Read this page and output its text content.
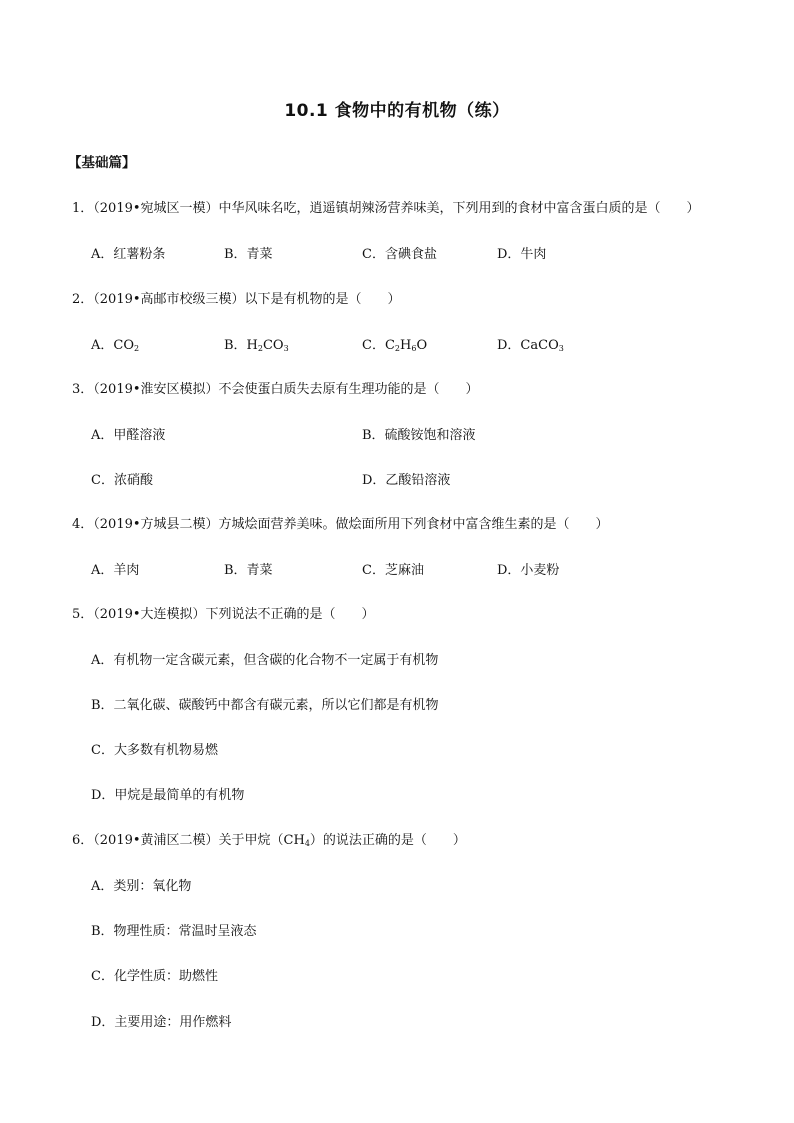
10.1 食物中的有机物（练）
【基础篇】
1．（2019•宛城区一模）中华风味名吃，逍遥镇胡辣汤营养味美，下列用到的食材中富含蛋白质的是（　　）
A．红薯粉条	B．青菜	C．含碘食盐	D．牛肉
2．（2019•高邮市校级三模）以下是有机物的是（　　）
A．$CO_2$	B．$H_2CO_3$	C．$C_2H_6O$	D．CaCO$_3$
3．（2019•淮安区模拟）不会使蛋白质失去原有生理功能的是（　　）
A．甲醛溶液	B．硫酸铵饱和溶液
C．浓硝酸	D．乙酸铅溶液
4．（2019•方城县二模）方城烩面营养美味。做烩面所用下列食材中富含维生素的是（　　）
A．羊肉	B．青菜	C．芝麻油	D．小麦粉
5．（2019•大连模拟）下列说法不正确的是（　　）
A．有机物一定含碳元素，但含碳的化合物不一定属于有机物
B．二氧化碳、碳酸钙中都含有碳元素，所以它们都是有机物
C．大多数有机物易燃
D．甲烷是最简单的有机物
6．（2019•黄浦区二模）关于甲烷$(CH_4)$的说法正确的是（　　）
A．类别：氧化物
B．物理性质：常温时呈液态
C．化学性质：助燃性
D．主要用途：用作燃料
